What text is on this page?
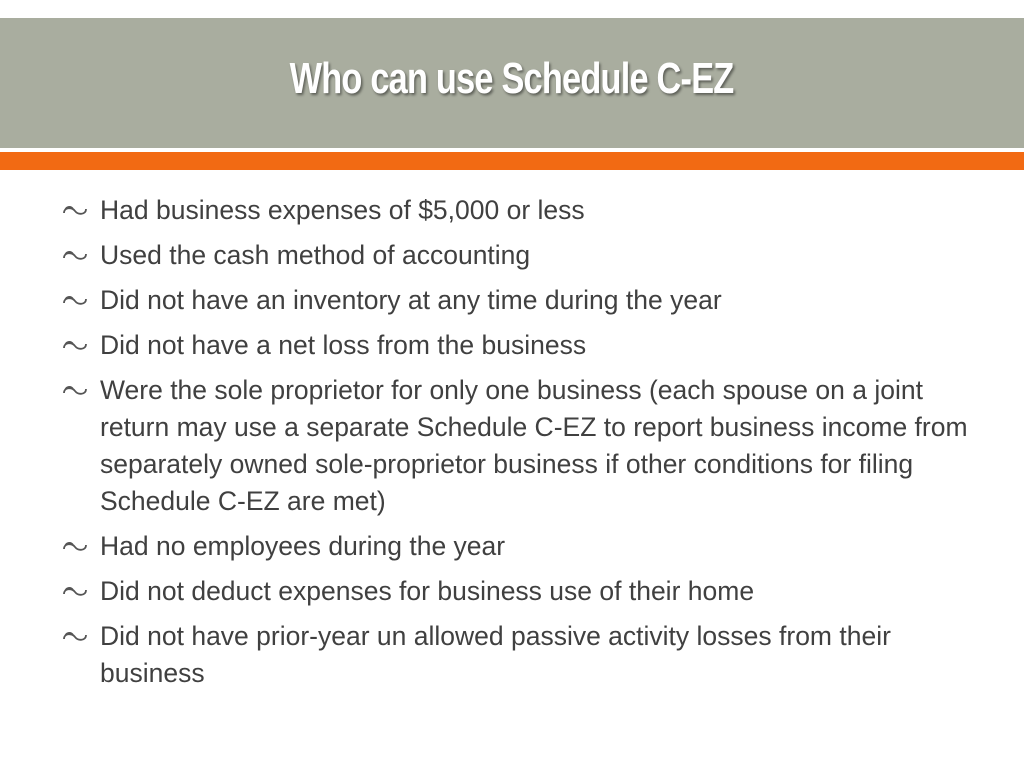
Who can use Schedule C-EZ
Had business expenses of $5,000 or less
Used the cash method of accounting
Did not have an inventory at any time during the year
Did not have a net loss from the business
Were the sole proprietor for only one business (each spouse on a joint return may use a separate Schedule C-EZ to report business income from separately owned sole-proprietor business if other conditions for filing Schedule C-EZ are met)
Had no employees during the year
Did not deduct expenses for business use of their home
Did not have prior-year un allowed passive activity losses from their business
